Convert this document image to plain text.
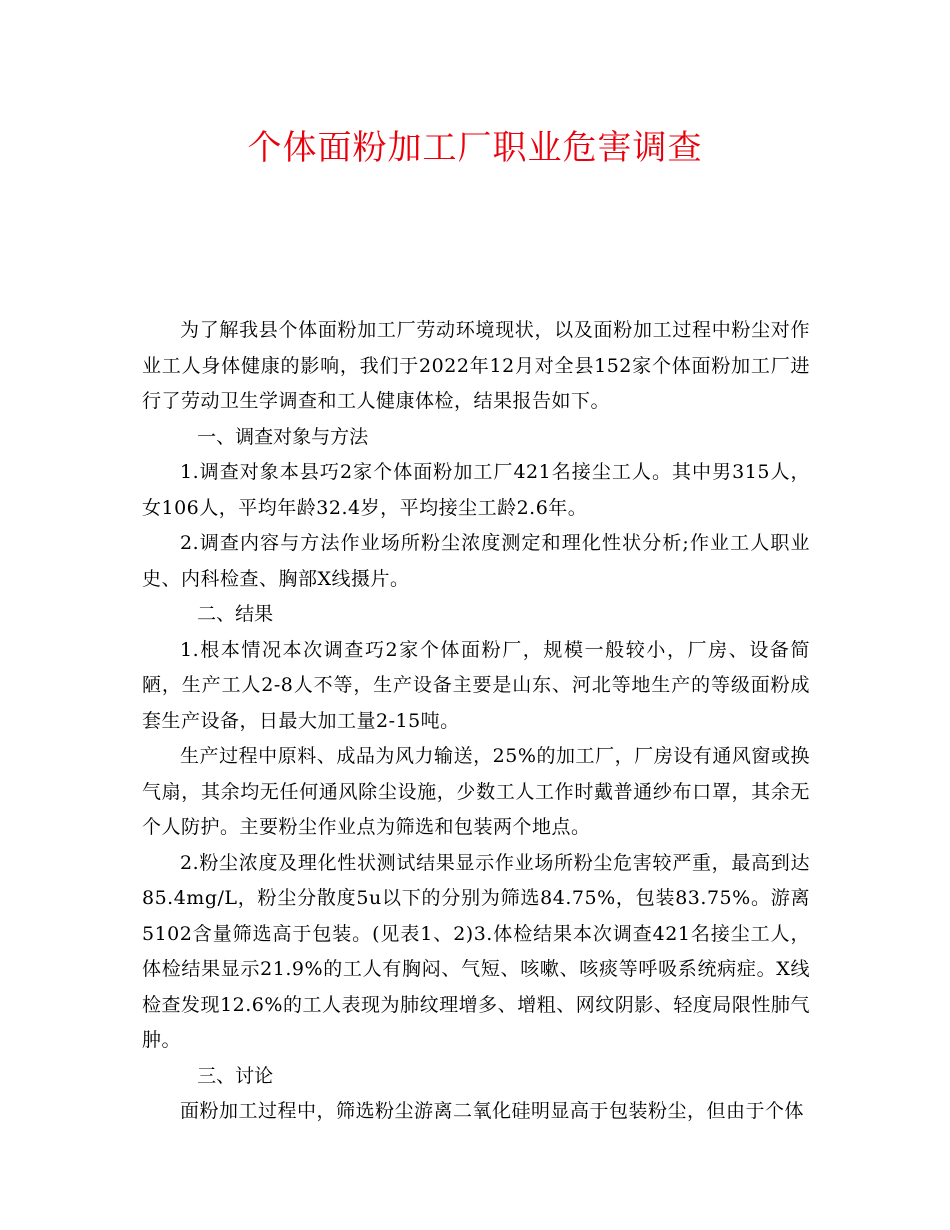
个体面粉加工厂职业危害调查

为了解我县个体面粉加工厂劳动环境现状，以及面粉加工过程中粉尘对作业工人身体健康的影响，我们于2022年12月对全县152家个体面粉加工厂进行了劳动卫生学调查和工人健康体检，结果报告如下。

一、调查对象与方法

1.调查对象本县巧2家个体面粉加工厂421名接尘工人。其中男315人，女106人，平均年龄32.4岁，平均接尘工龄2.6年。

2.调查内容与方法作业场所粉尘浓度测定和理化性状分析;作业工人职业史、内科检查、胸部X线摄片。

二、结果

1.根本情况本次调查巧2家个体面粉厂，规模一般较小，厂房、设备简陋，生产工人2-8人不等，生产设备主要是山东、河北等地生产的等级面粉成套生产设备，日最大加工量2-15吨。

生产过程中原料、成品为风力输送，25%的加工厂，厂房设有通风窗或换气扇，其余均无任何通风除尘设施，少数工人工作时戴普通纱布口罩，其余无个人防护。主要粉尘作业点为筛选和包装两个地点。

2.粉尘浓度及理化性状测试结果显示作业场所粉尘危害较严重，最高到达85.4mg/L，粉尘分散度5u以下的分别为筛选84.75%，包装83.75%。游离5102含量筛选高于包装。(见表1、2)3.体检结果本次调查421名接尘工人，体检结果显示21.9%的工人有胸闷、气短、咳嗽、咳痰等呼吸系统病症。X线检查发现12.6%的工人表现为肺纹理增多、增粗、网纹阴影、轻度局限性肺气肿。

三、讨论

面粉加工过程中，筛选粉尘游离二氧化硅明显高于包装粉尘，但由于个体
